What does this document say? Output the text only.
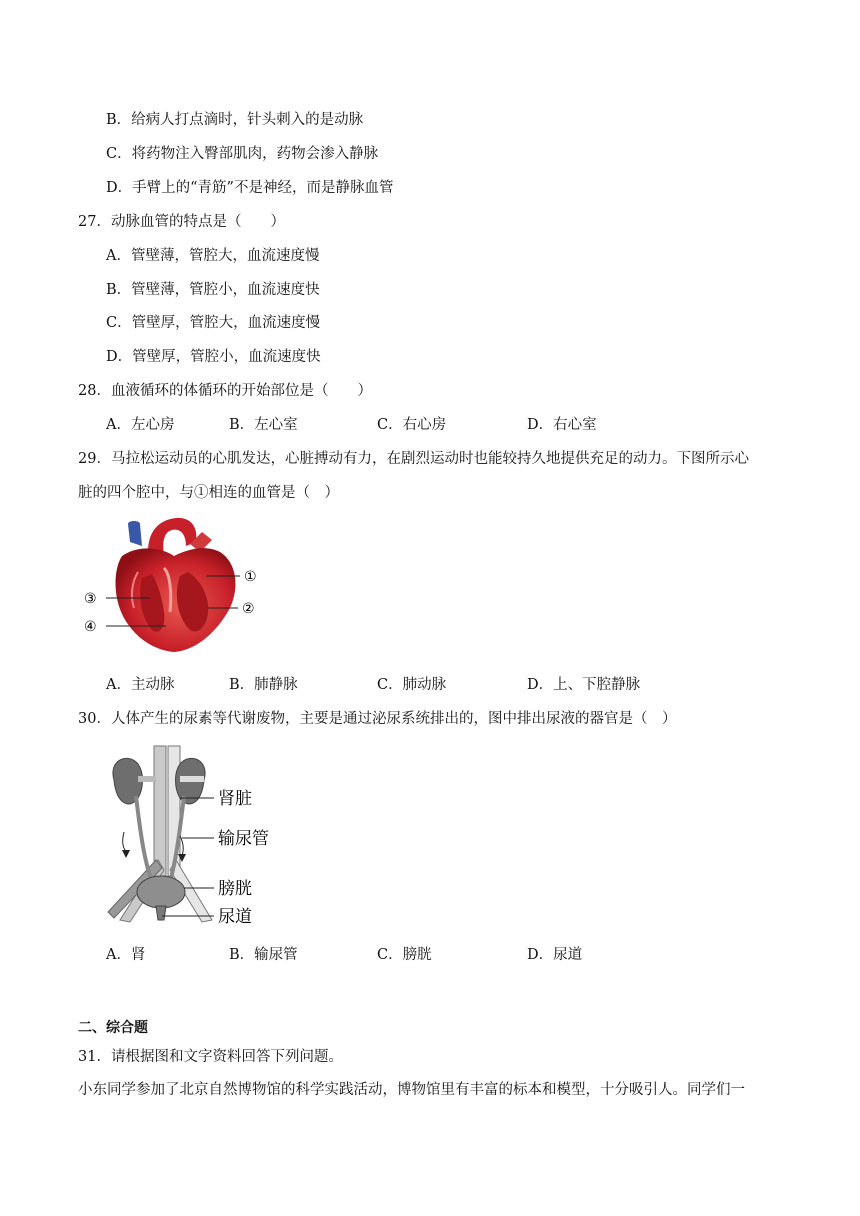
B．给病人打点滴时，针头刺入的是动脉
C．将药物注入臀部肌肉，药物会渗入静脉
D．手臂上的“青筋”不是神经，而是静脉血管
27．动脉血管的特点是（　　）
A．管壁薄，管腔大，血流速度慢
B．管壁薄，管腔小，血流速度快
C．管壁厚，管腔大，血流速度慢
D．管壁厚，管腔小，血流速度快
28．血液循环的体循环的开始部位是（　　）
A．左心房	B．左心室	C．右心房	D．右心室
29．马拉松运动员的心肌发达，心脏搏动有力，在剧烈运动时也能较持久地提供充足的动力。下图所示心
脏的四个腔中，与①相连的血管是（　）
①
②
③
④
A．主动脉	B．肺静脉	C．肺动脉	D．上、下腔静脉
30．人体产生的尿素等代谢废物，主要是通过泌尿系统排出的，图中排出尿液的器官是（　）
肾脏
输尿管
膀胱
尿道
A．肾	B．输尿管	C．膀胱	D．尿道
二、综合题
31．请根据图和文字资料回答下列问题。
小东同学参加了北京自然博物馆的科学实践活动，博物馆里有丰富的标本和模型，十分吸引人。同学们一
